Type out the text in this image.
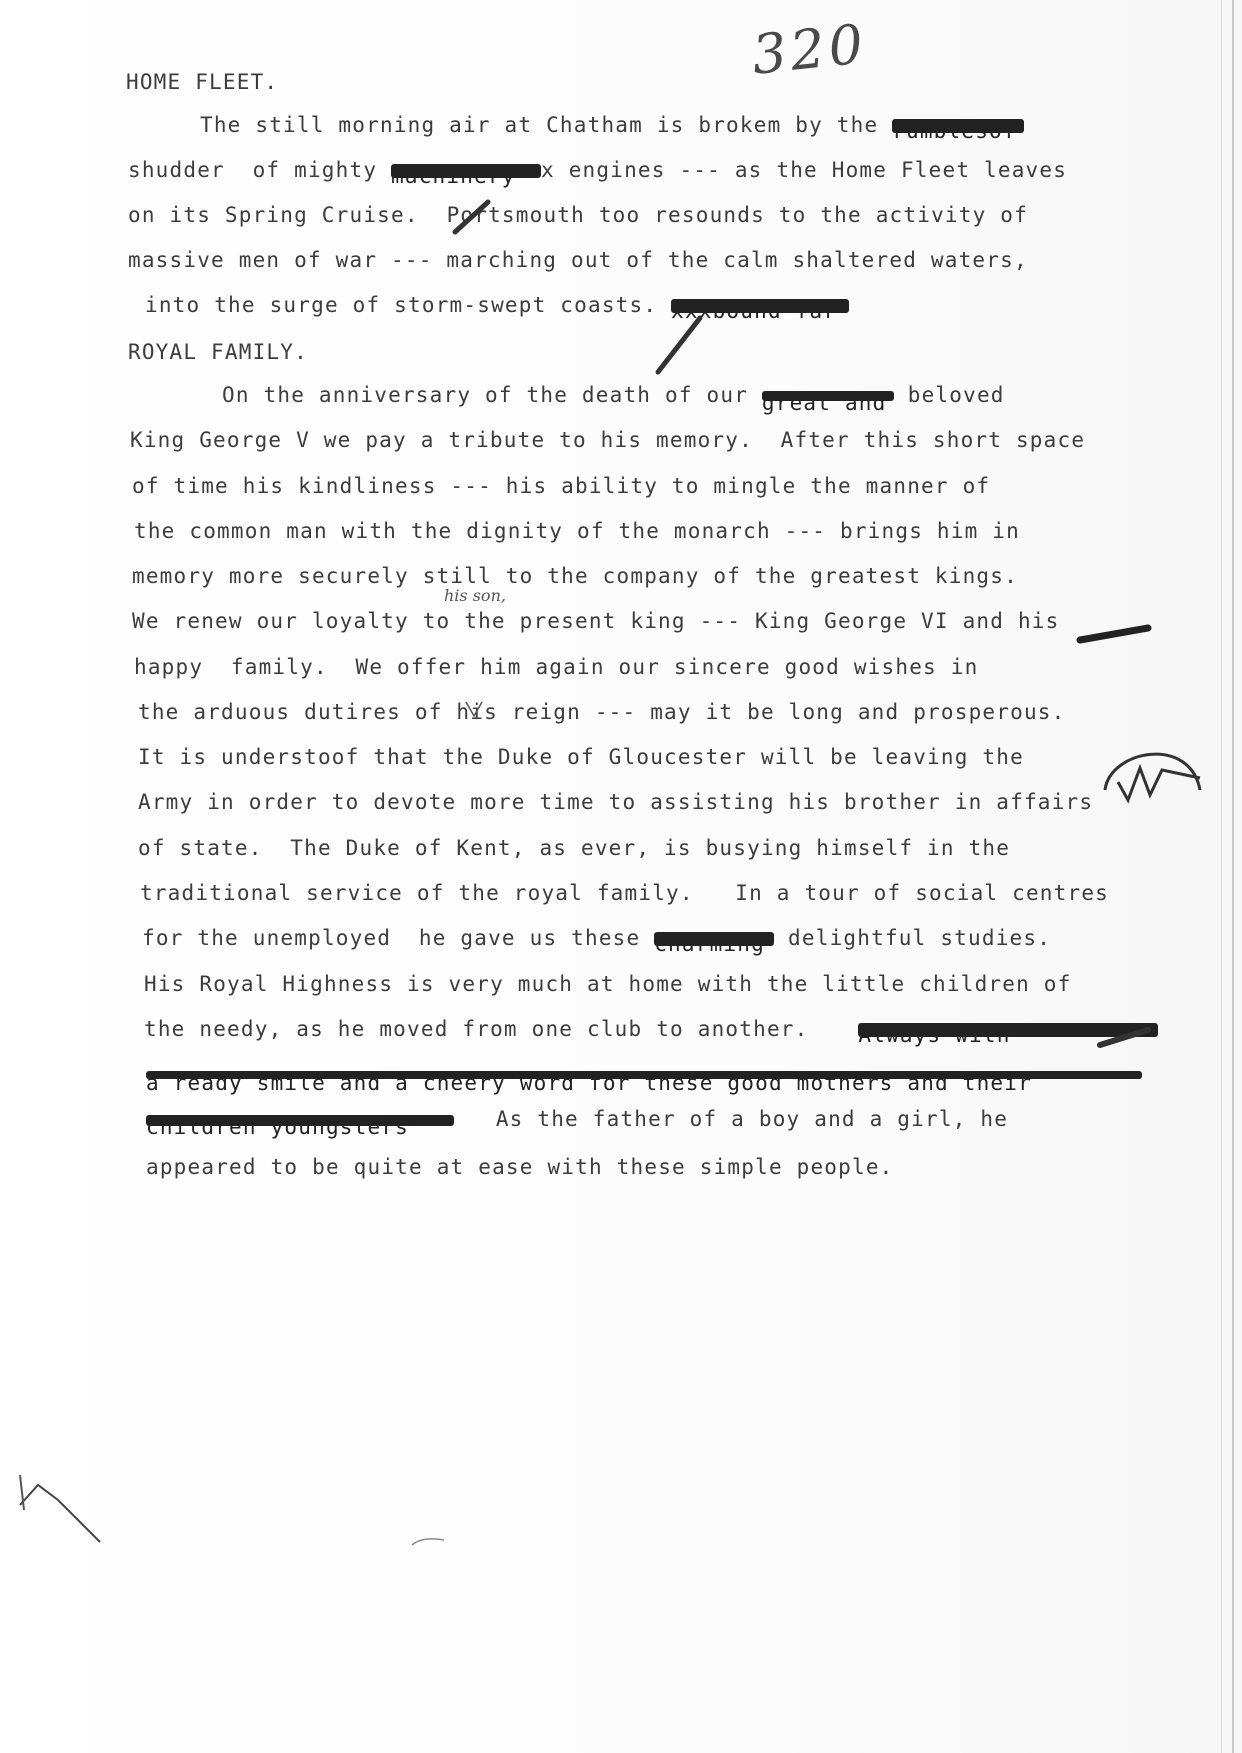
320
HOME FLEET.
The still morning air at Chatham is brokem by the rumblesof
shudder  of mighty machinery x engines --- as the Home Fleet leaves
on its Spring Cruise. Portsmouth too resounds to the activity of
massive men of war --- marching out of the calm shaltered waters,
into the surge of storm-swept coasts. xxxbound far
ROYAL FAMILY.
On the anniversary of the death of our great and beloved
King George V we pay a tribute to his memory.  After this short space
of time his kindliness --- his ability to mingle the manner of
the common man with the dignity of the monarch --- brings him in
memory more securely still to the company of the greatest kings.
his son,
We renew our loyalty to the present king --- King George VI and his
happy  family.  We offer him again our sincere good wishes in
the arduous dutires of his reign --- may it be long and prosperous.
It is understoof that the Duke of Gloucester will be leaving the
Army in order to devote more time to assisting his brother in affairs
of state.  The Duke of Kent, as ever, is busying himself in the
traditional service of the royal family.   In a tour of social centres
for the unemployed  he gave us these charming delightful studies.
His Royal Highness is very much at home with the little children of
the needy, as he moved from one club to another. Always with
a ready smile and a cheery word for these good mothers and their
children youngsters	As the father of a boy and a girl, he
appeared to be quite at ease with these simple people.
